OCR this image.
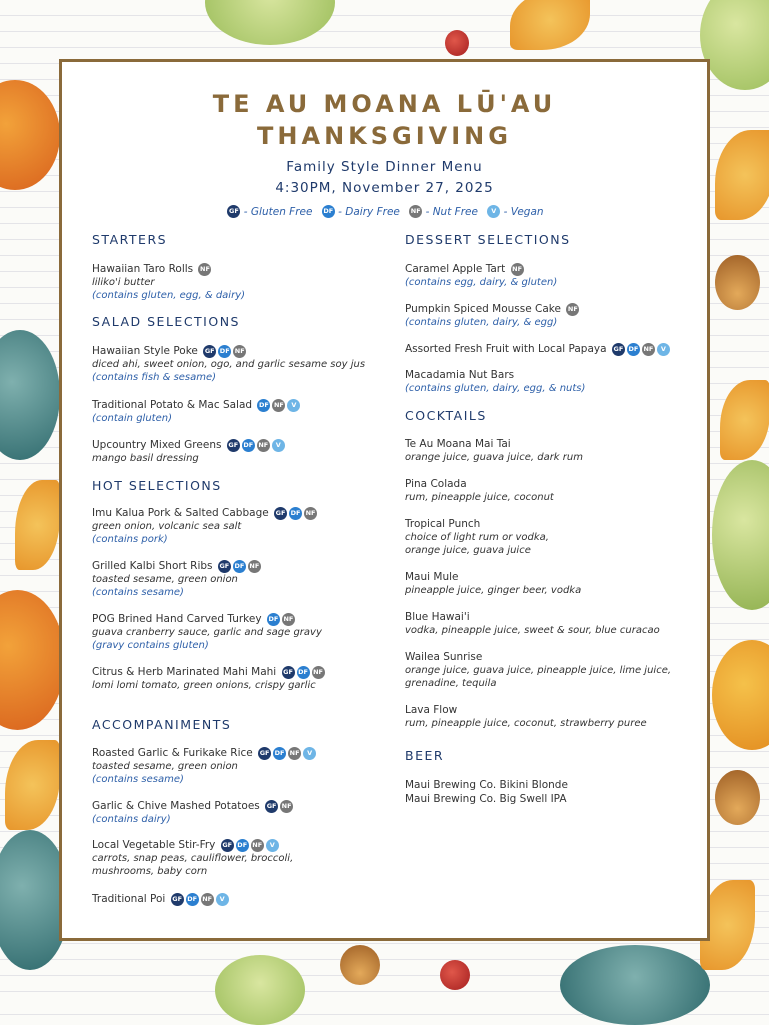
TE AU MOANA LŪ'AU
THANKSGIVING
Family Style Dinner Menu
4:30PM, November 27, 2025
GF
- Gluten Free
DF
- Dairy Free
NF
- Nut Free
	V
- Vegan
STARTERS
Hawaiian Taro Rolls NF
liliko'i butter
(contains gluten, egg, & dairy)
SALAD SELECTIONS
Hawaiian Style Poke GF DF NF
diced ahi, sweet onion, ogo, and garlic sesame soy jus
(contains fish & sesame)
Traditional Potato & Mac Salad DF NF V
(contain gluten)
Upcountry Mixed Greens GF DF NF V
mango basil dressing
HOT SELECTIONS
Imu Kalua Pork & Salted Cabbage GF DF NF
green onion, volcanic sea salt
(contains pork)
Grilled Kalbi Short Ribs GF DF NF
toasted sesame, green onion
(contains sesame)
POG Brined Hand Carved Turkey DF NF
guava cranberry sauce, garlic and sage gravy
(gravy contains gluten)
Citrus & Herb Marinated Mahi Mahi GF DF NF
lomi lomi tomato, green onions, crispy garlic
ACCOMPANIMENTS
Roasted Garlic & Furikake Rice GF DF NF V
toasted sesame, green onion
(contains sesame)
Garlic & Chive Mashed Potatoes GF NF
(contains dairy)
Local Vegetable Stir-Fry GF DF NF V
carrots, snap peas, cauliflower, broccoli,
mushrooms, baby corn
Traditional Poi GF DF NF V
DESSERT SELECTIONS
Caramel Apple Tart NF
(contains egg, dairy, & gluten)
Pumpkin Spiced Mousse Cake NF
(contains gluten, dairy, & egg)
Assorted Fresh Fruit with Local Papaya GF DF NF V
Macadamia Nut Bars
(contains gluten, dairy, egg, & nuts)
COCKTAILS
Te Au Moana Mai Tai
orange juice, guava juice, dark rum
Pina Colada
rum, pineapple juice, coconut
Tropical Punch
choice of light rum or vodka,
orange juice, guava juice
Maui Mule
pineapple juice, ginger beer, vodka
Blue Hawai'i
vodka, pineapple juice, sweet & sour, blue curacao
Wailea Sunrise
orange juice, guava juice, pineapple juice, lime juice,
grenadine, tequila
Lava Flow
rum, pineapple juice, coconut, strawberry puree
BEER
Maui Brewing Co. Bikini Blonde
Maui Brewing Co. Big Swell IPA
